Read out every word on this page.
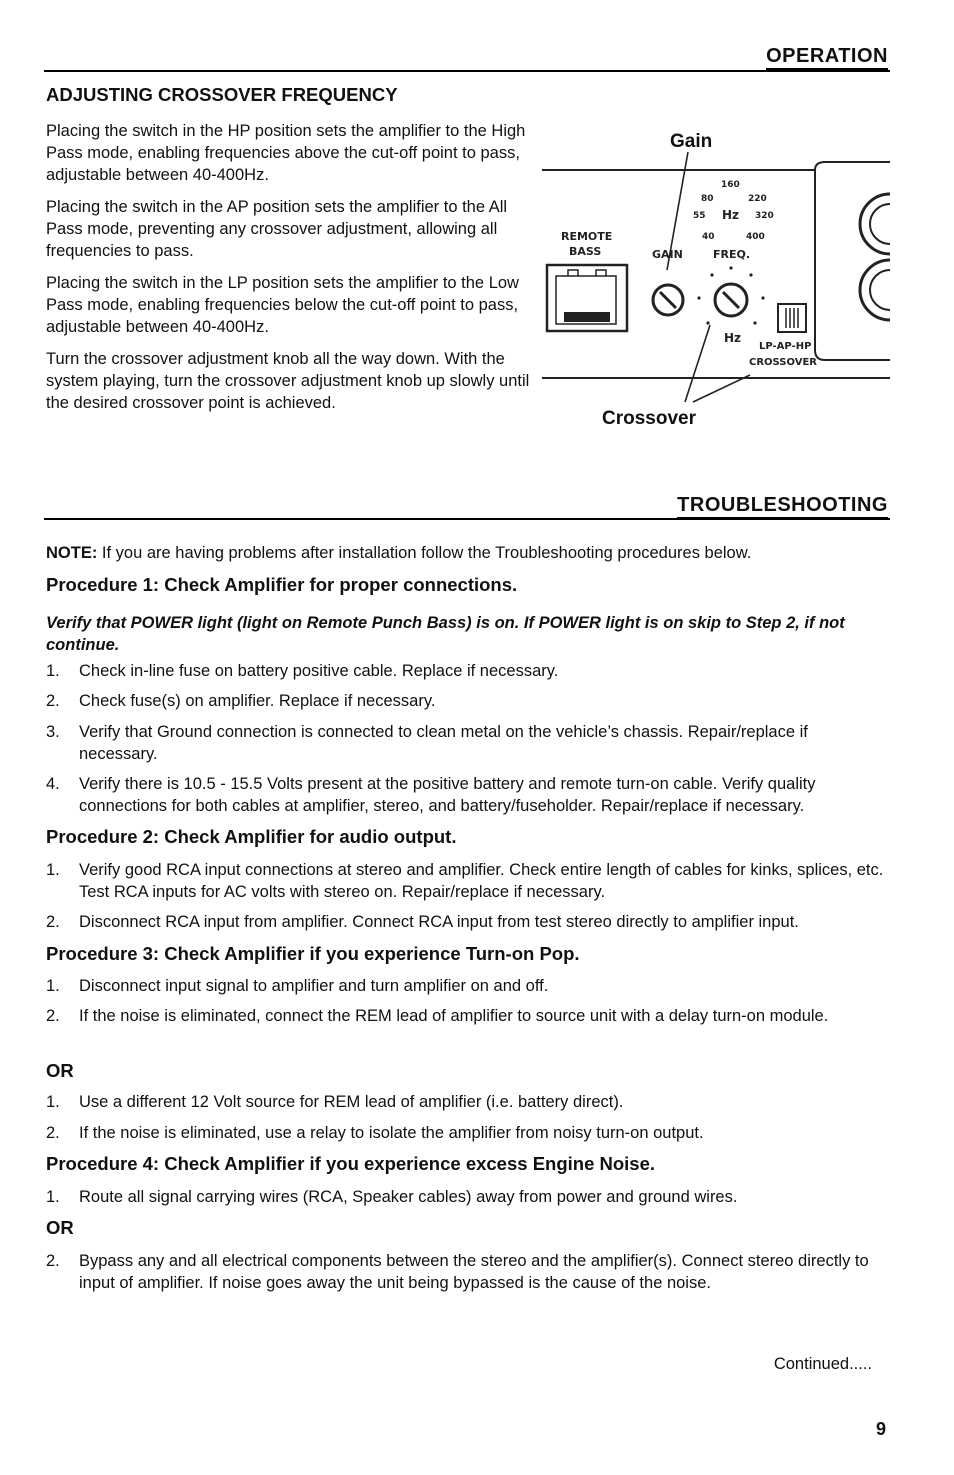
OPERATION
ADJUSTING CROSSOVER FREQUENCY

Placing the switch in the HP position sets the amplifier to the High Pass mode, enabling frequencies above the cut-off point to pass, adjustable between 40-400Hz.

Placing the switch in the AP position sets the amplifier to the All Pass mode, preventing any crossover adjustment, allowing all frequencies to pass.

Placing the switch in the LP position sets the amplifier to the Low Pass mode, enabling frequencies below the cut-off point to pass, adjustable between 40-400Hz.

Turn the crossover adjustment knob all the way down. With the system playing, turn the crossover adjustment knob up slowly until the desired crossover point is achieved.

Gain
Crossover
REMOTE
BASS	GAIN	FREQ.
160
80	220
55 Hz 320
40	400
Hz
LP-AP-HP
CROSSOVER
TROUBLESHOOTING
NOTE: If you are having problems after installation follow the Troubleshooting procedures below.
Procedure 1: Check Amplifier for proper connections.
Verify that POWER light (light on Remote Punch Bass) is on. If POWER light is on skip to Step 2, if not continue.
1. Check in-line fuse on battery positive cable. Replace if necessary.
2. Check fuse(s) on amplifier. Replace if necessary.
3. Verify that Ground connection is connected to clean metal on the vehicle’s chassis. Repair/replace if necessary.
4. Verify there is 10.5 - 15.5 Volts present at the positive battery and remote turn-on cable. Verify quality connections for both cables at amplifier, stereo, and battery/fuseholder. Repair/replace if necessary.
Procedure 2: Check Amplifier for audio output.
1. Verify good RCA input connections at stereo and amplifier. Check entire length of cables for kinks, splices, etc. Test RCA inputs for AC volts with stereo on. Repair/replace if necessary.
2. Disconnect RCA input from amplifier. Connect RCA input from test stereo directly to amplifier input.
Procedure 3: Check Amplifier if you experience Turn-on Pop.
1. Disconnect input signal to amplifier and turn amplifier on and off.
2. If the noise is eliminated, connect the REM lead of amplifier to source unit with a delay turn-on module.
OR
1. Use a different 12 Volt source for REM lead of amplifier (i.e. battery direct).
2. If the noise is eliminated, use a relay to isolate the amplifier from noisy turn-on output.
Procedure 4: Check Amplifier if you experience excess Engine Noise.
1. Route all signal carrying wires (RCA, Speaker cables) away from power and ground wires.
OR
2. Bypass any and all electrical components between the stereo and the amplifier(s). Connect stereo directly to input of amplifier. If noise goes away the unit being bypassed is the cause of the noise.
Continued.....
9
